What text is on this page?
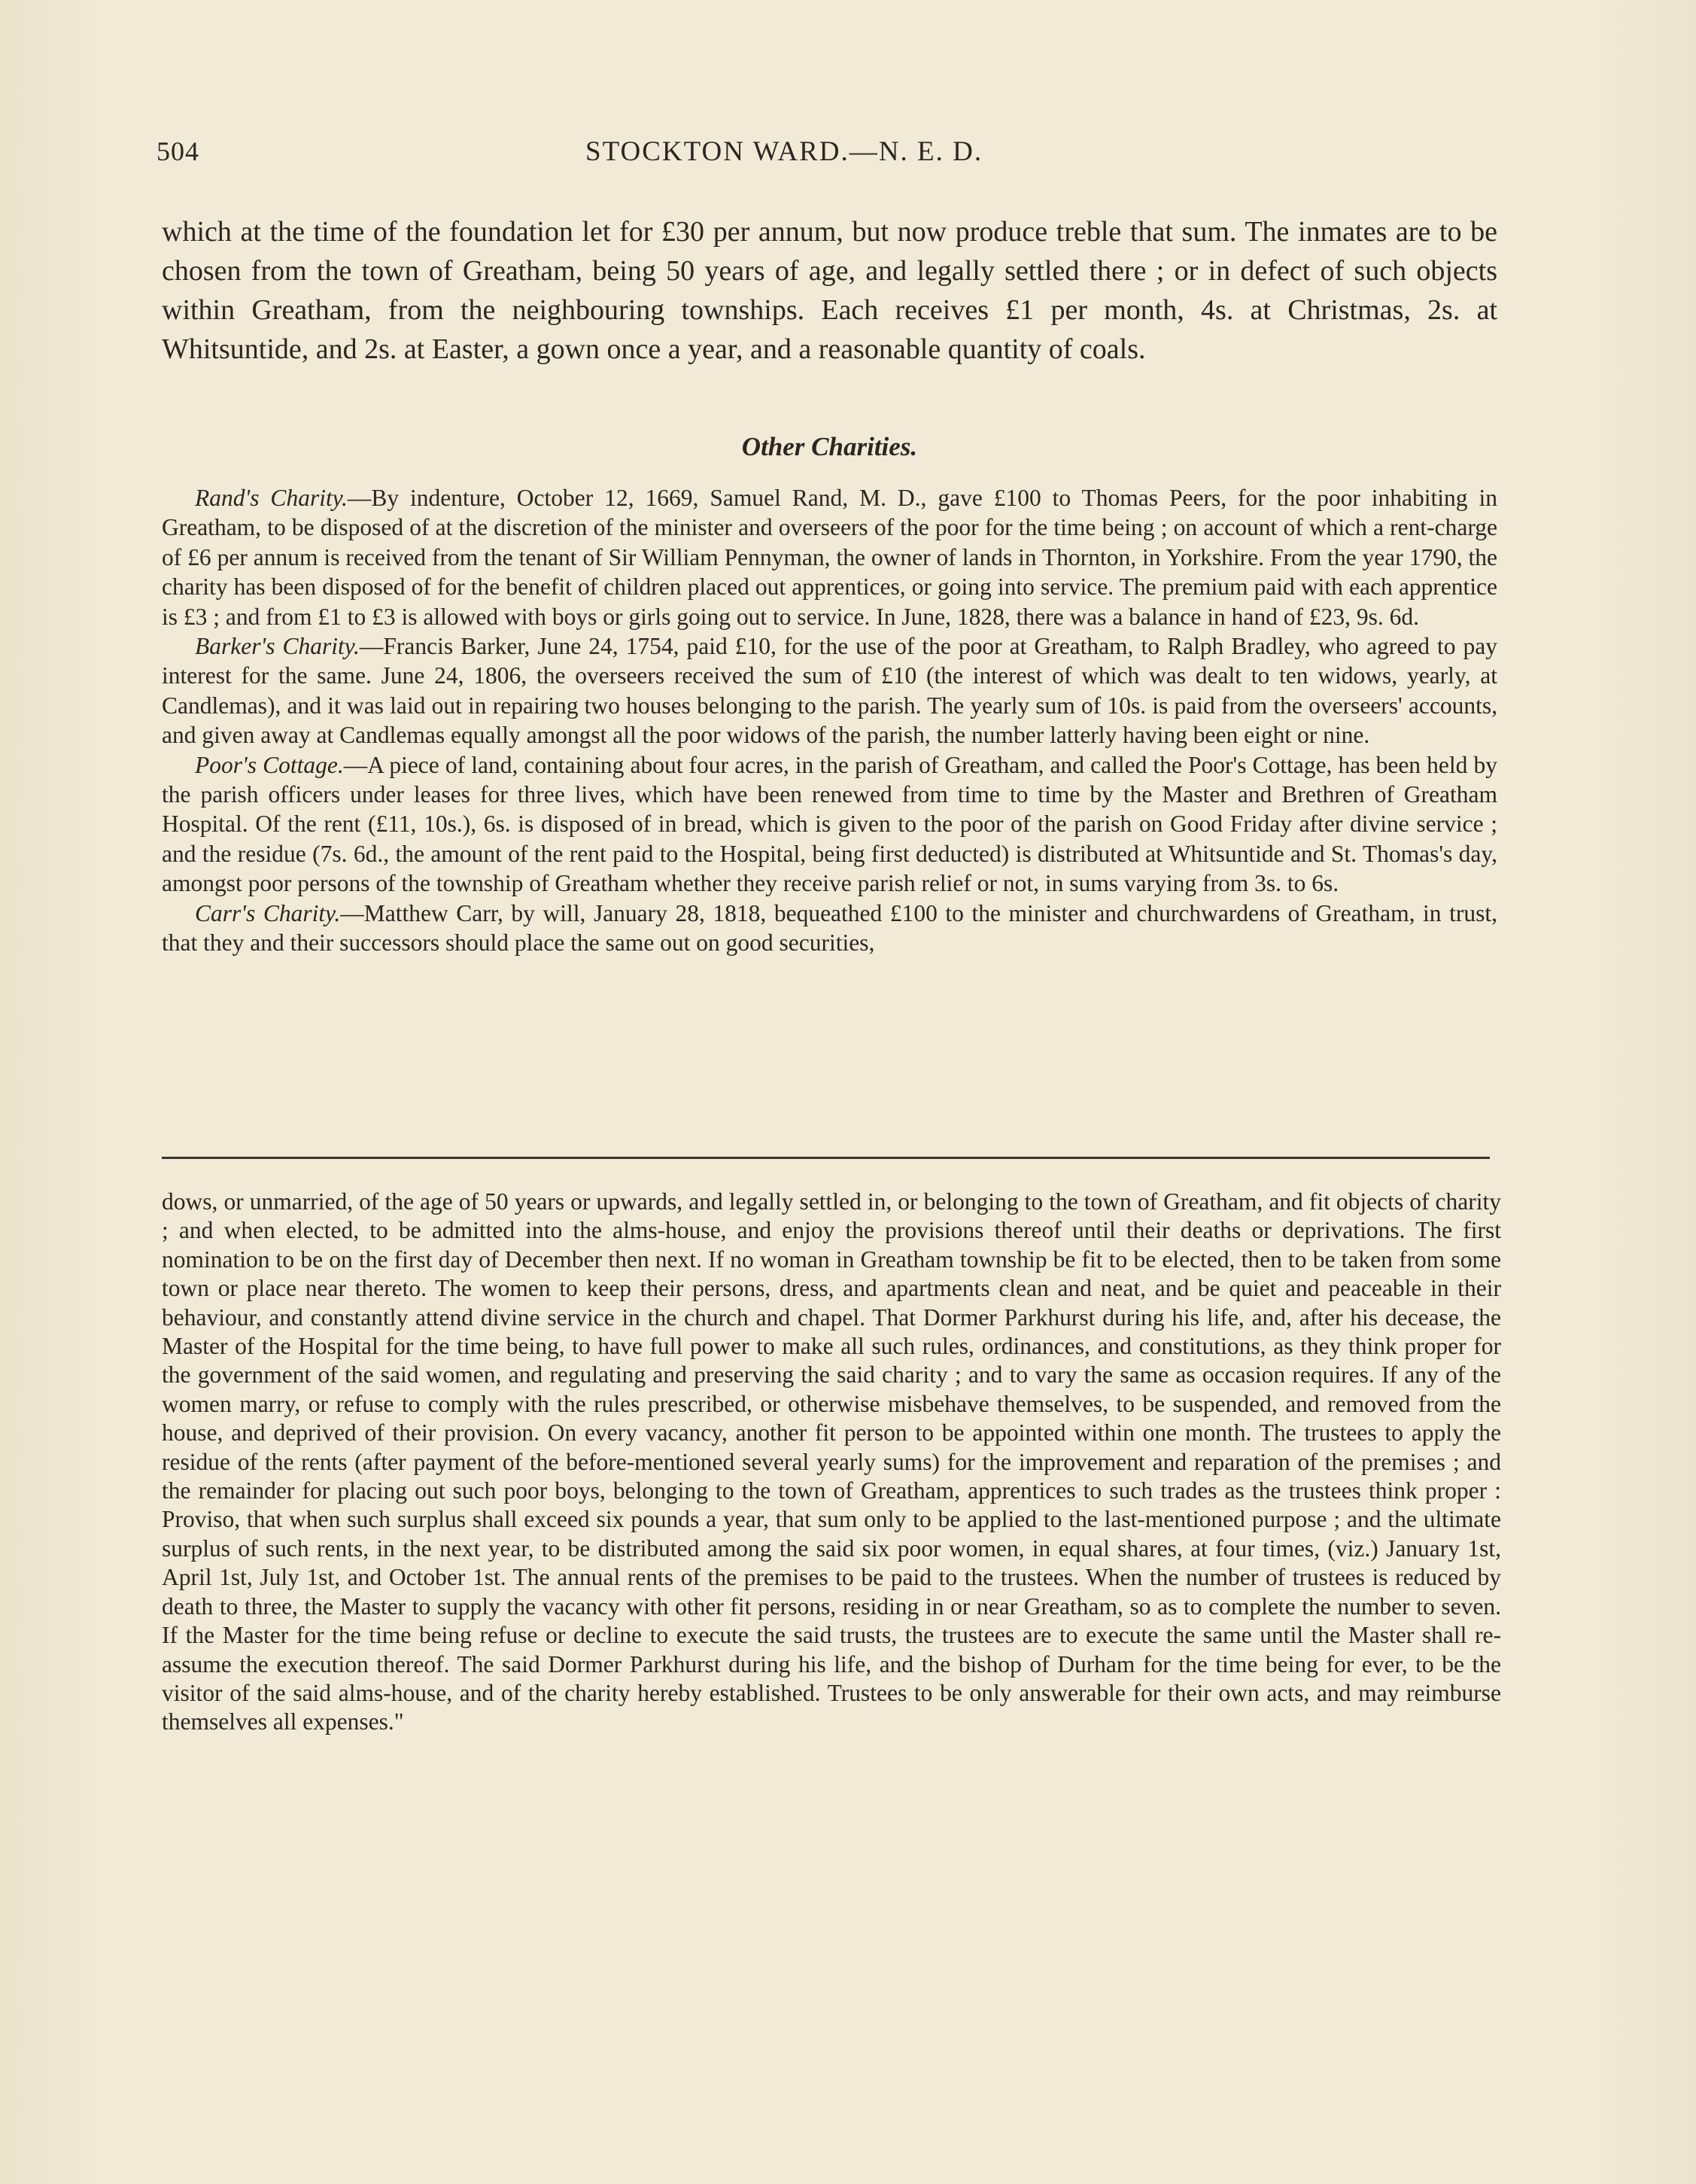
504	STOCKTON WARD.—N. E. D.

which at the time of the foundation let for £30 per annum, but now produce treble that sum. The inmates are to be chosen from the town of Greatham, being 50 years of age, and legally settled there ; or in defect of such objects within Greatham, from the neighbouring townships. Each receives £1 per month, 4s. at Christmas, 2s. at Whitsuntide, and 2s. at Easter, a gown once a year, and a reasonable quantity of coals.

Other Charities.

Rand's Charity.—By indenture, October 12, 1669, Samuel Rand, M. D., gave £100 to Thomas Peers, for the poor inhabiting in Greatham, to be disposed of at the discretion of the minister and overseers of the poor for the time being ; on account of which a rent-charge of £6 per annum is received from the tenant of Sir William Pennyman, the owner of lands in Thornton, in Yorkshire. From the year 1790, the charity has been disposed of for the benefit of children placed out apprentices, or going into service. The premium paid with each apprentice is £3 ; and from £1 to £3 is allowed with boys or girls going out to service. In June, 1828, there was a balance in hand of £23, 9s. 6d.

Barker's Charity.—Francis Barker, June 24, 1754, paid £10, for the use of the poor at Greatham, to Ralph Bradley, who agreed to pay interest for the same. June 24, 1806, the overseers received the sum of £10 (the interest of which was dealt to ten widows, yearly, at Candlemas), and it was laid out in repairing two houses belonging to the parish. The yearly sum of 10s. is paid from the overseers' accounts, and given away at Candlemas equally amongst all the poor widows of the parish, the number latterly having been eight or nine.

Poor's Cottage.—A piece of land, containing about four acres, in the parish of Greatham, and called the Poor's Cottage, has been held by the parish officers under leases for three lives, which have been renewed from time to time by the Master and Brethren of Greatham Hospital. Of the rent (£11, 10s.), 6s. is disposed of in bread, which is given to the poor of the parish on Good Friday after divine service ; and the residue (7s. 6d., the amount of the rent paid to the Hospital, being first deducted) is distributed at Whitsuntide and St. Thomas's day, amongst poor persons of the township of Greatham whether they receive parish relief or not, in sums varying from 3s. to 6s.

Carr's Charity.—Matthew Carr, by will, January 28, 1818, bequeathed £100 to the minister and churchwardens of Greatham, in trust, that they and their successors should place the same out on good securities,

dows, or unmarried, of the age of 50 years or upwards, and legally settled in, or belonging to the town of Greatham, and fit objects of charity ; and when elected, to be admitted into the alms-house, and enjoy the provisions thereof until their deaths or deprivations. The first nomination to be on the first day of December then next. If no woman in Greatham township be fit to be elected, then to be taken from some town or place near thereto. The women to keep their persons, dress, and apartments clean and neat, and be quiet and peaceable in their behaviour, and constantly attend divine service in the church and chapel. That Dormer Parkhurst during his life, and, after his decease, the Master of the Hospital for the time being, to have full power to make all such rules, ordinances, and constitutions, as they think proper for the government of the said women, and regulating and preserving the said charity ; and to vary the same as occasion requires. If any of the women marry, or refuse to comply with the rules prescribed, or otherwise misbehave themselves, to be suspended, and removed from the house, and deprived of their provision. On every vacancy, another fit person to be appointed within one month. The trustees to apply the residue of the rents (after payment of the before-mentioned several yearly sums) for the improvement and reparation of the premises ; and the remainder for placing out such poor boys, belonging to the town of Greatham, apprentices to such trades as the trustees think proper : Proviso, that when such surplus shall exceed six pounds a year, that sum only to be applied to the last-mentioned purpose ; and the ultimate surplus of such rents, in the next year, to be distributed among the said six poor women, in equal shares, at four times, (viz.) January 1st, April 1st, July 1st, and October 1st. The annual rents of the premises to be paid to the trustees. When the number of trustees is reduced by death to three, the Master to supply the vacancy with other fit persons, residing in or near Greatham, so as to complete the number to seven. If the Master for the time being refuse or decline to execute the said trusts, the trustees are to execute the same until the Master shall re-assume the execution thereof. The said Dormer Parkhurst during his life, and the bishop of Durham for the time being for ever, to be the visitor of the said alms-house, and of the charity hereby established. Trustees to be only answerable for their own acts, and may reimburse themselves all expenses."
